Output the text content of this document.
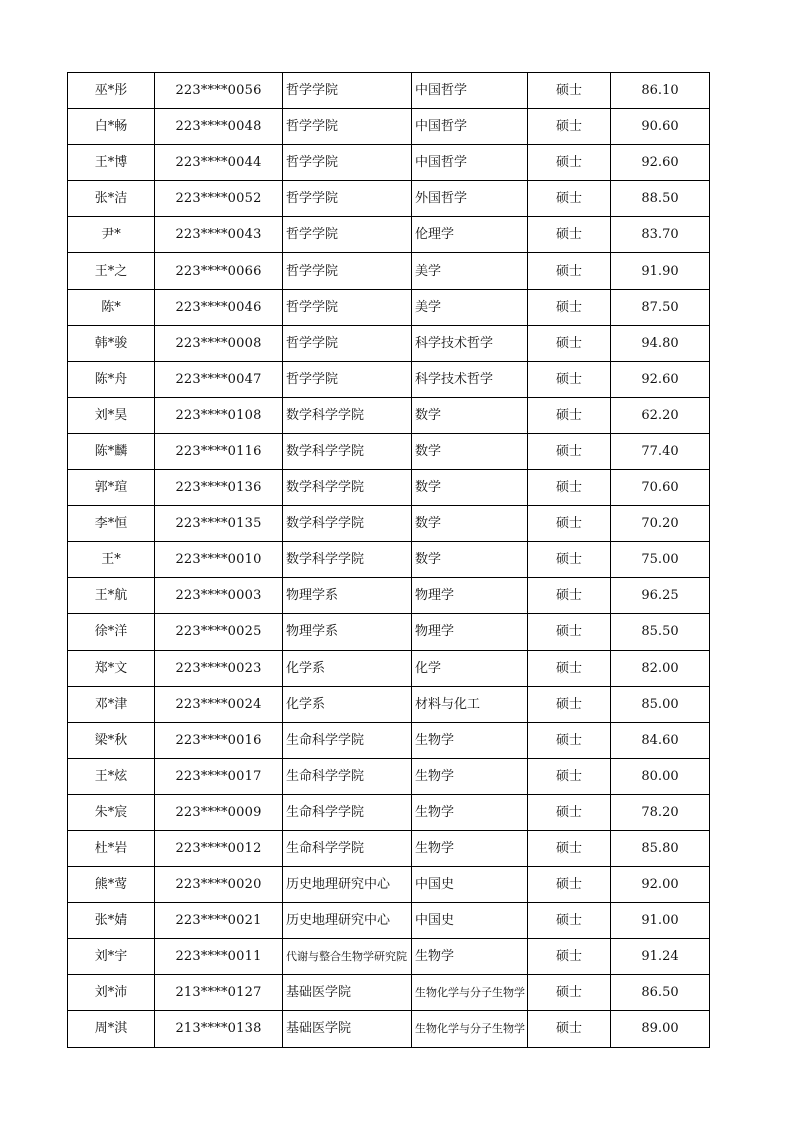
巫*彤	223****0056	哲学学院	中国哲学	硕士	86.10
白*畅	223****0048	哲学学院	中国哲学	硕士	90.60
王*博	223****0044	哲学学院	中国哲学	硕士	92.60
张*洁	223****0052	哲学学院	外国哲学	硕士	88.50
尹*	223****0043	哲学学院	伦理学	硕士	83.70
王*之	223****0066	哲学学院	美学	硕士	91.90
陈*	223****0046	哲学学院	美学	硕士	87.50
韩*骏	223****0008	哲学学院	科学技术哲学	硕士	94.80
陈*舟	223****0047	哲学学院	科学技术哲学	硕士	92.60
刘*昊	223****0108	数学科学学院	数学	硕士	62.20
陈*麟	223****0116	数学科学学院	数学	硕士	77.40
郭*瑄	223****0136	数学科学学院	数学	硕士	70.60
李*恒	223****0135	数学科学学院	数学	硕士	70.20
王*	223****0010	数学科学学院	数学	硕士	75.00
王*航	223****0003	物理学系	物理学	硕士	96.25
徐*洋	223****0025	物理学系	物理学	硕士	85.50
郑*文	223****0023	化学系	化学	硕士	82.00
邓*津	223****0024	化学系	材料与化工	硕士	85.00
梁*秋	223****0016	生命科学学院	生物学	硕士	84.60
王*炫	223****0017	生命科学学院	生物学	硕士	80.00
朱*宸	223****0009	生命科学学院	生物学	硕士	78.20
杜*岩	223****0012	生命科学学院	生物学	硕士	85.80
熊*莺	223****0020	历史地理研究中心	中国史	硕士	92.00
张*婧	223****0021	历史地理研究中心	中国史	硕士	91.00
刘*宇	223****0011	代谢与整合生物学研究院	生物学	硕士	91.24
刘*沛	213****0127	基础医学院	生物化学与分子生物学	硕士	86.50
周*淇	213****0138	基础医学院	生物化学与分子生物学	硕士	89.00
